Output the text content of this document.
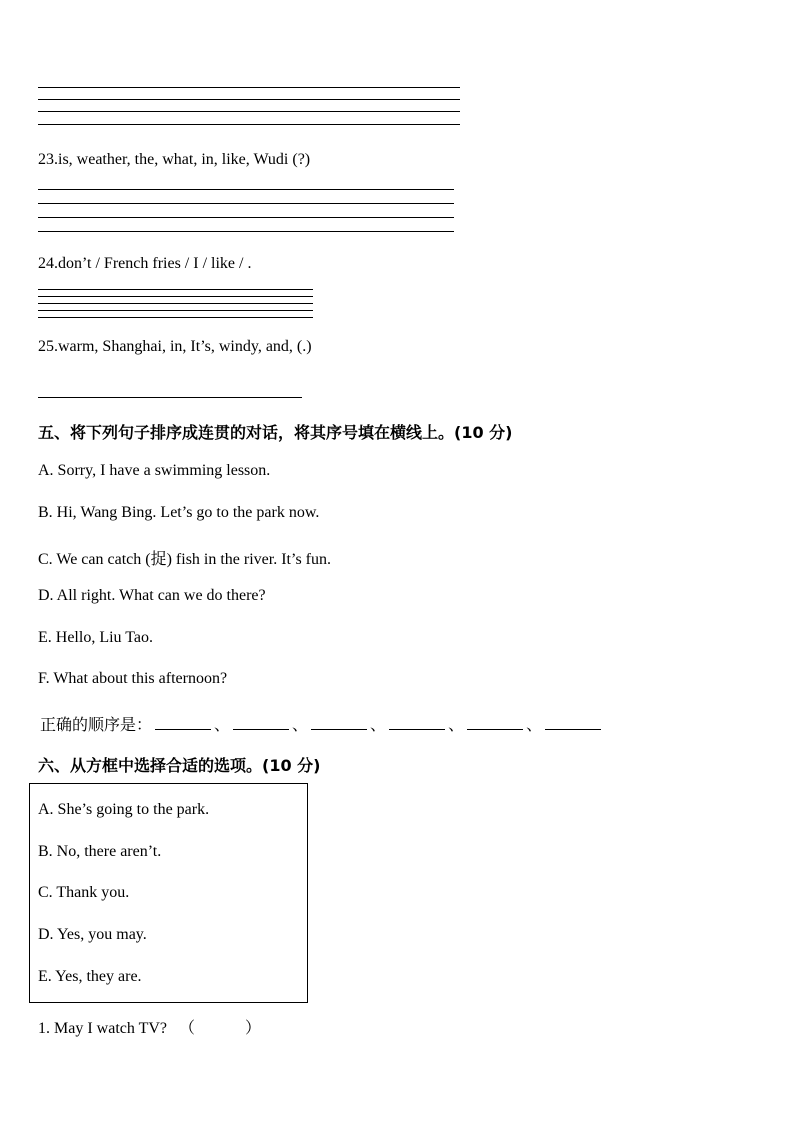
23.is, weather, the, what, in, like, Wudi (?)
24.don’t / French fries / I / like / .
25.warm, Shanghai, in, It’s, windy, and, (.)
五、将下列句子排序成连贯的对话，将其序号填在横线上。(10 分)
A. Sorry, I have a swimming lesson.
B. Hi, Wang Bing. Let’s go to the park now.
C. We can catch (捉) fish in the river. It’s fun.
D. All right. What can we do there?
E. Hello, Liu Tao.
F. What about this afternoon?
正确的顺序是：	、	、	、	、	、
六、从方框中选择合适的选项。(10 分)
A. She’s going to the park.
B. No, there aren’t.
C. Thank you.
D. Yes, you may.
E. Yes, they are.
1. May I watch TV? （	）
